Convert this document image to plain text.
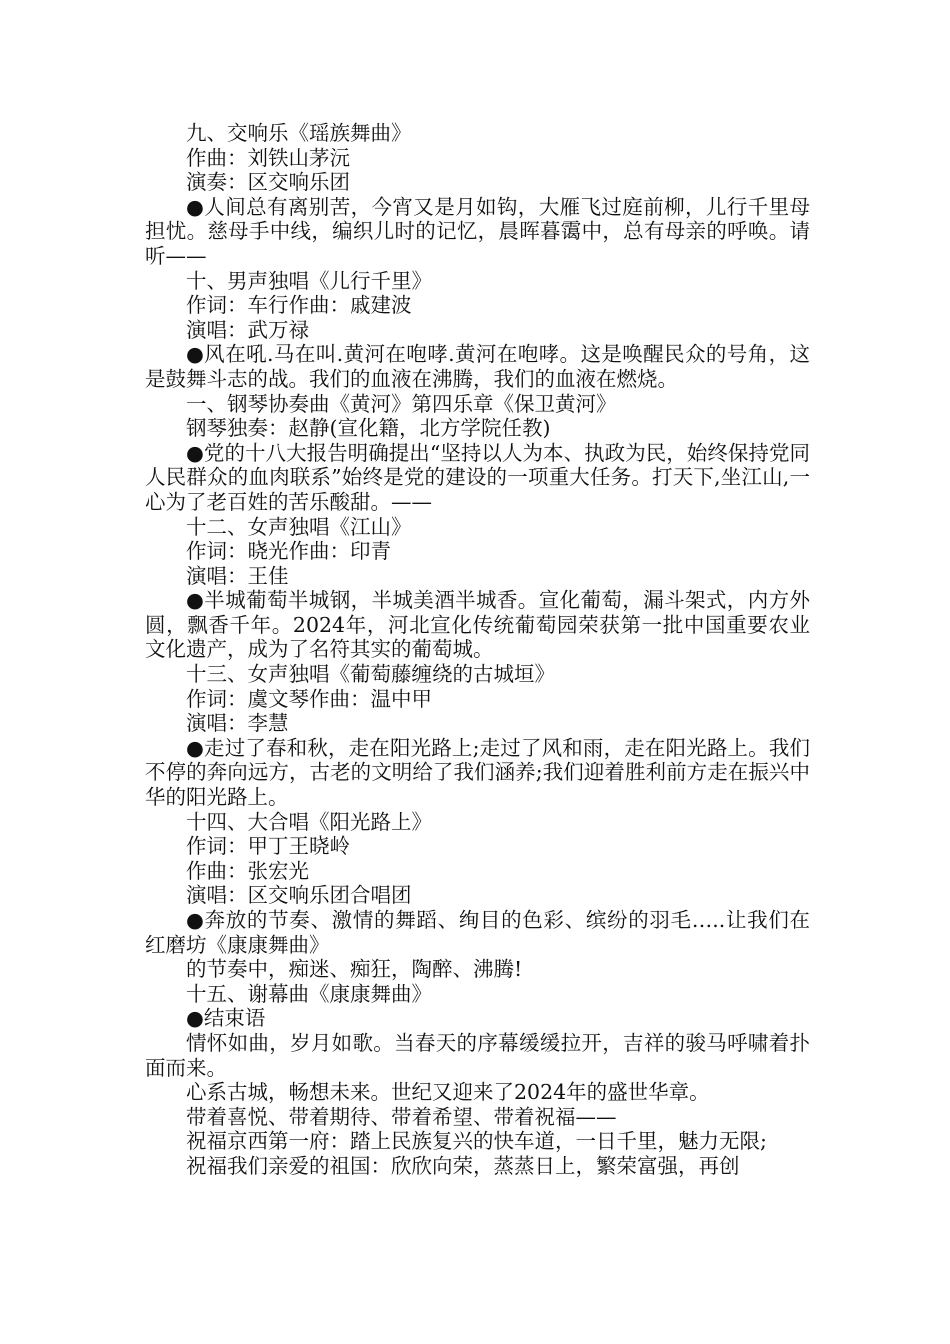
九、交响乐《瑶族舞曲》

作曲：刘铁山茅沅

演奏：区交响乐团

●人间总有离别苦，今宵又是月如钩，大雁飞过庭前柳，儿行千里母担忧。慈母手中线，编织儿时的记忆，晨晖暮霭中，总有母亲的呼唤。请听——

十、男声独唱《儿行千里》

作词：车行作曲：戚建波

演唱：武万禄

●风在吼.马在叫.黄河在咆哮.黄河在咆哮。这是唤醒民众的号角，这是鼓舞斗志的战。我们的血液在沸腾，我们的血液在燃烧。

一、钢琴协奏曲《黄河》第四乐章《保卫黄河》

钢琴独奏：赵静(宣化籍，北方学院任教)

●党的十八大报告明确提出“坚持以人为本、执政为民，始终保持党同人民群众的血肉联系”始终是党的建设的一项重大任务。打天下,坐江山,一心为了老百姓的苦乐酸甜。——

十二、女声独唱《江山》

作词：晓光作曲：印青

演唱：王佳

●半城葡萄半城钢，半城美酒半城香。宣化葡萄，漏斗架式，内方外圆，飘香千年。2024年，河北宣化传统葡萄园荣获第一批中国重要农业文化遗产，成为了名符其实的葡萄城。

十三、女声独唱《葡萄藤缠绕的古城垣》

作词：虞文琴作曲：温中甲

演唱：李慧

●走过了春和秋，走在阳光路上;走过了风和雨，走在阳光路上。我们不停的奔向远方，古老的文明给了我们涵养;我们迎着胜利前方走在振兴中华的阳光路上。

十四、大合唱《阳光路上》

作词：甲丁王晓岭

作曲：张宏光

演唱：区交响乐团合唱团

●奔放的节奏、激情的舞蹈、绚目的色彩、缤纷的羽毛…..让我们在红磨坊《康康舞曲》

的节奏中，痴迷、痴狂，陶醉、沸腾!

十五、谢幕曲《康康舞曲》

●结束语

情怀如曲，岁月如歌。当春天的序幕缓缓拉开，吉祥的骏马呼啸着扑面而来。

心系古城，畅想未来。世纪又迎来了2024年的盛世华章。

带着喜悦、带着期待、带着希望、带着祝福——

祝福京西第一府：踏上民族复兴的快车道，一日千里，魅力无限;

祝福我们亲爱的祖国：欣欣向荣，蒸蒸日上，繁荣富强，再创
